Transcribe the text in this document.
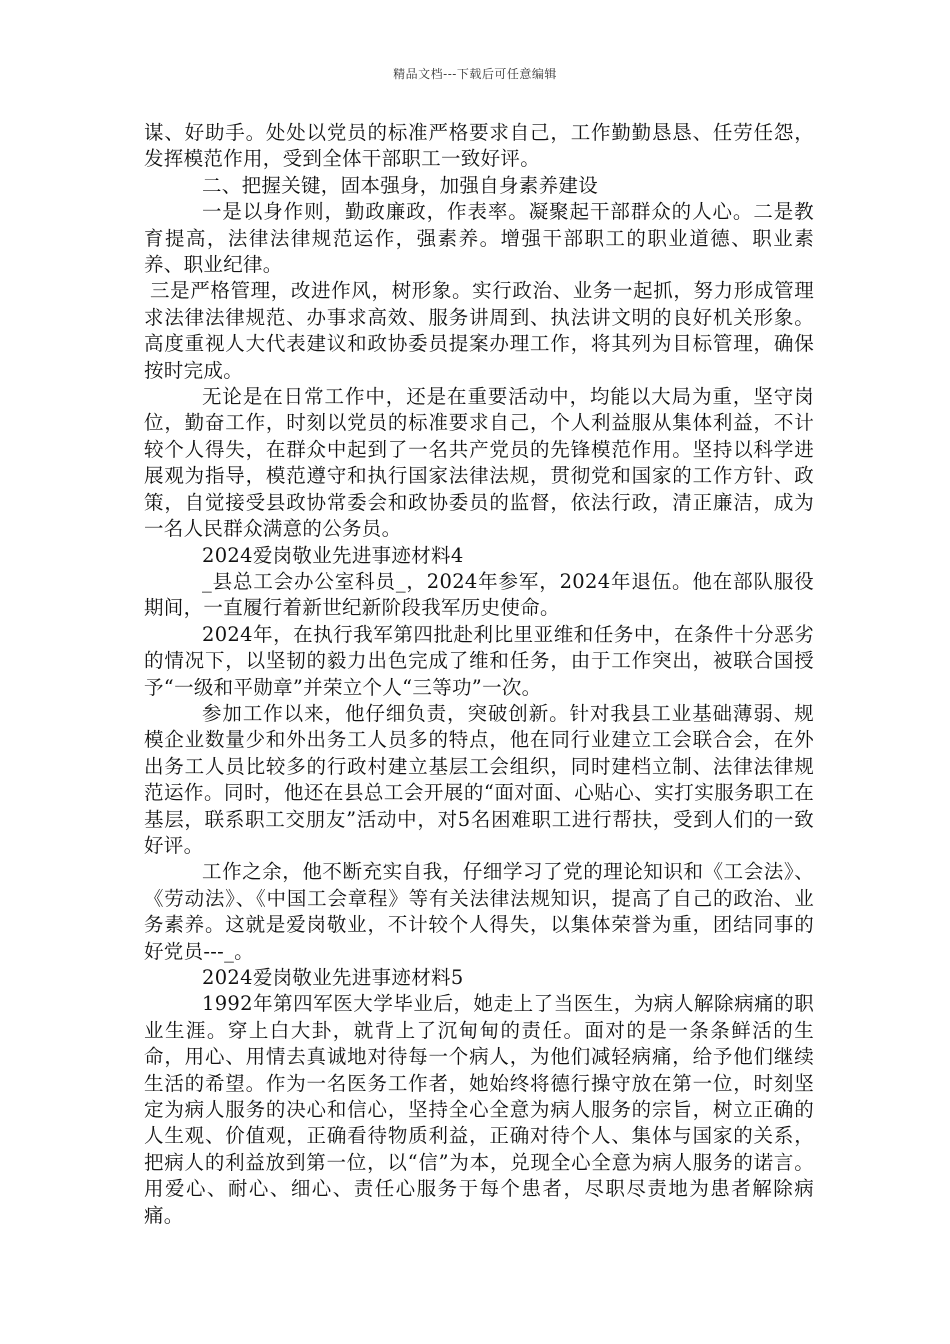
精品文档---下载后可任意编辑

谋、好助手。处处以党员的标准严格要求自己，工作勤勤恳恳、任劳任怨，发挥模范作用，受到全体干部职工一致好评。

二、把握关键，固本强身，加强自身素养建设

一是以身作则，勤政廉政，作表率。凝聚起干部群众的人心。二是教育提高，法律法律规范运作，强素养。增强干部职工的职业道德、职业素养、职业纪律。

三是严格管理，改进作风，树形象。实行政治、业务一起抓，努力形成管理求法律法律规范、办事求高效、服务讲周到、执法讲文明的良好机关形象。高度重视人大代表建议和政协委员提案办理工作，将其列为目标管理，确保按时完成。

无论是在日常工作中，还是在重要活动中，均能以大局为重，坚守岗位，勤奋工作，时刻以党员的标准要求自己，个人利益服从集体利益，不计较个人得失，在群众中起到了一名共产党员的先锋模范作用。坚持以科学进展观为指导，模范遵守和执行国家法律法规，贯彻党和国家的工作方针、政策，自觉接受县政协常委会和政协委员的监督，依法行政，清正廉洁，成为一名人民群众满意的公务员。

2024爱岗敬业先进事迹材料4

_县总工会办公室科员_，2024年参军，2024年退伍。他在部队服役期间，一直履行着新世纪新阶段我军历史使命。

2024年，在执行我军第四批赴利比里亚维和任务中，在条件十分恶劣的情况下，以坚韧的毅力出色完成了维和任务，由于工作突出，被联合国授予“一级和平勋章”并荣立个人“三等功”一次。

参加工作以来，他仔细负责，突破创新。针对我县工业基础薄弱、规模企业数量少和外出务工人员多的特点，他在同行业建立工会联合会，在外出务工人员比较多的行政村建立基层工会组织，同时建档立制、法律法律规范运作。同时，他还在县总工会开展的“面对面、心贴心、实打实服务职工在基层，联系职工交朋友”活动中，对5名困难职工进行帮扶，受到人们的一致好评。

工作之余，他不断充实自我，仔细学习了党的理论知识和《工会法》、《劳动法》、《中国工会章程》等有关法律法规知识，提高了自己的政治、业务素养。这就是爱岗敬业，不计较个人得失，以集体荣誉为重，团结同事的好党员---_。

2024爱岗敬业先进事迹材料5

1992年第四军医大学毕业后，她走上了当医生，为病人解除病痛的职业生涯。穿上白大卦，就背上了沉甸甸的责任。面对的是一条条鲜活的生命，用心、用情去真诚地对待每一个病人，为他们减轻病痛，给予他们继续生活的希望。作为一名医务工作者，她始终将德行操守放在第一位，时刻坚定为病人服务的决心和信心，坚持全心全意为病人服务的宗旨，树立正确的人生观、价值观，正确看待物质利益，正确对待个人、集体与国家的关系，把病人的利益放到第一位，以“信”为本，兑现全心全意为病人服务的诺言。用爱心、耐心、细心、责任心服务于每个患者，尽职尽责地为患者解除病痛。
